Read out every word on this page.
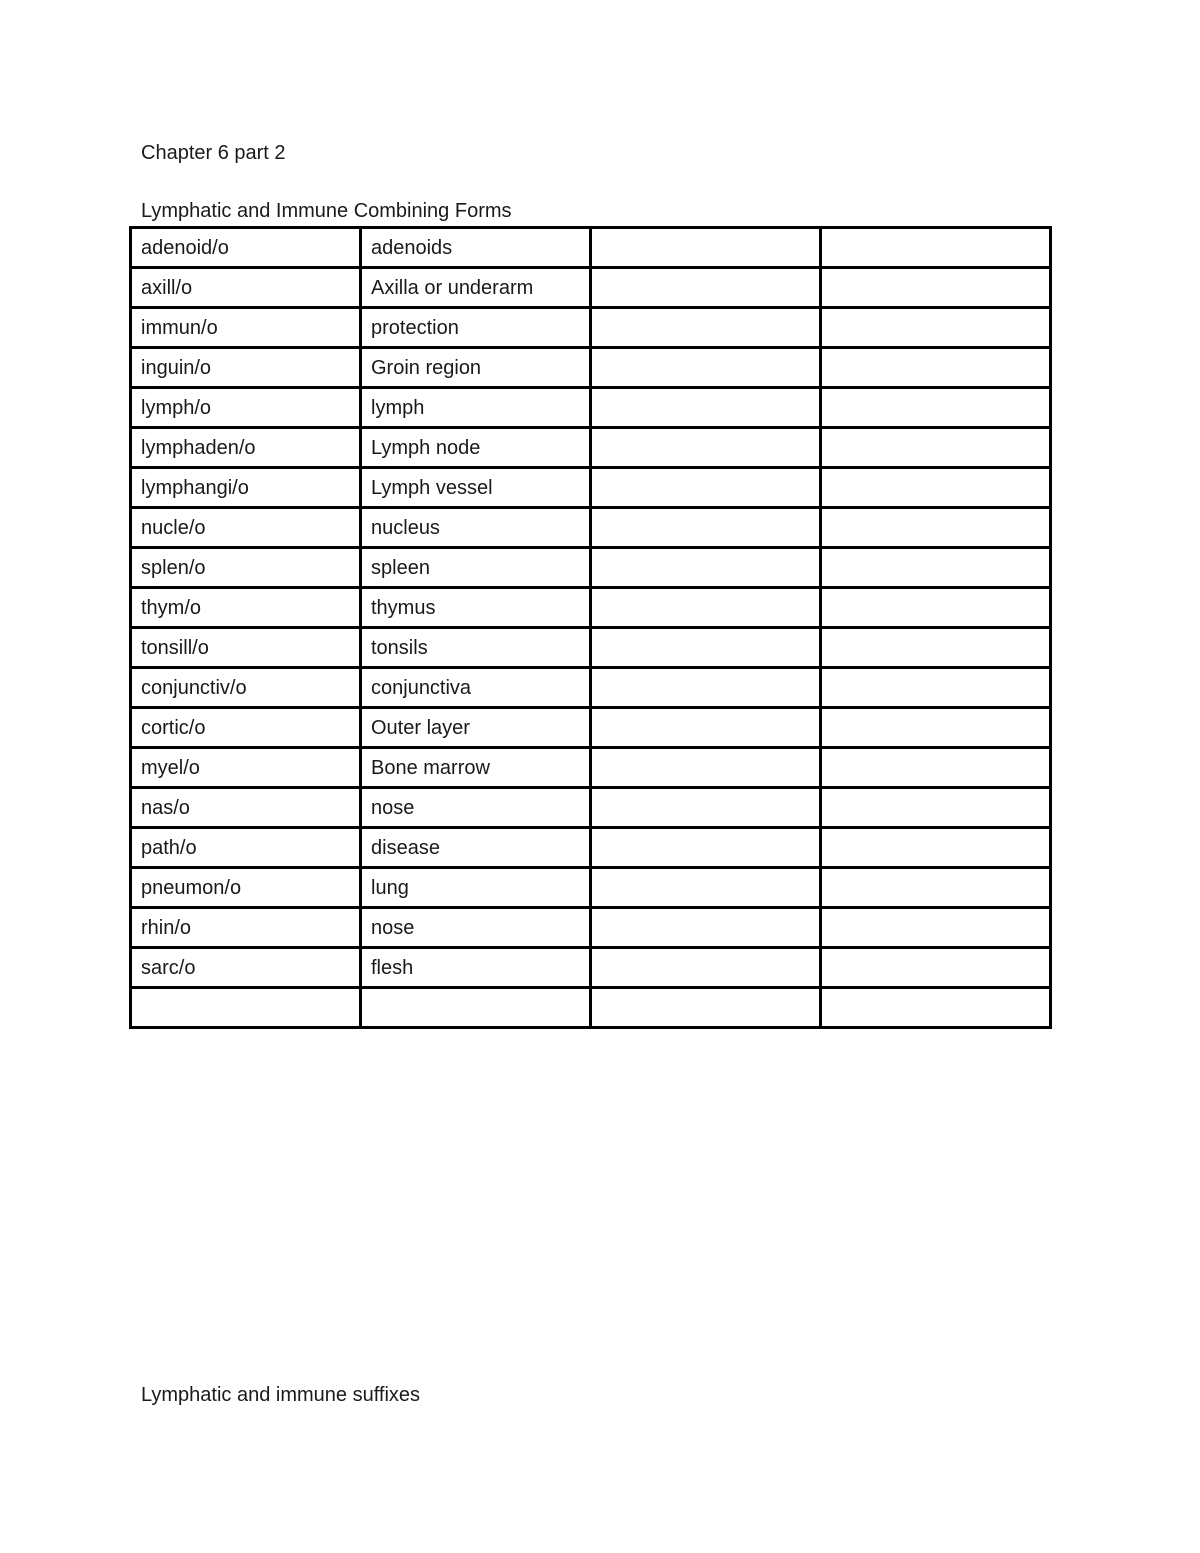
Chapter 6 part 2
Lymphatic and Immune Combining Forms
adenoid/o	adenoids		
axill/o	Axilla or underarm		
immun/o	protection		
inguin/o	Groin region		
lymph/o	lymph		
lymphaden/o	Lymph node		
lymphangi/o	Lymph vessel		
nucle/o	nucleus		
splen/o	spleen		
thym/o	thymus		
tonsill/o	tonsils		
conjunctiv/o	conjunctiva		
cortic/o	Outer layer		
myel/o	Bone marrow		
nas/o	nose		
path/o	disease		
pneumon/o	lung		
rhin/o	nose		
sarc/o	flesh		

Lymphatic and immune suffixes
